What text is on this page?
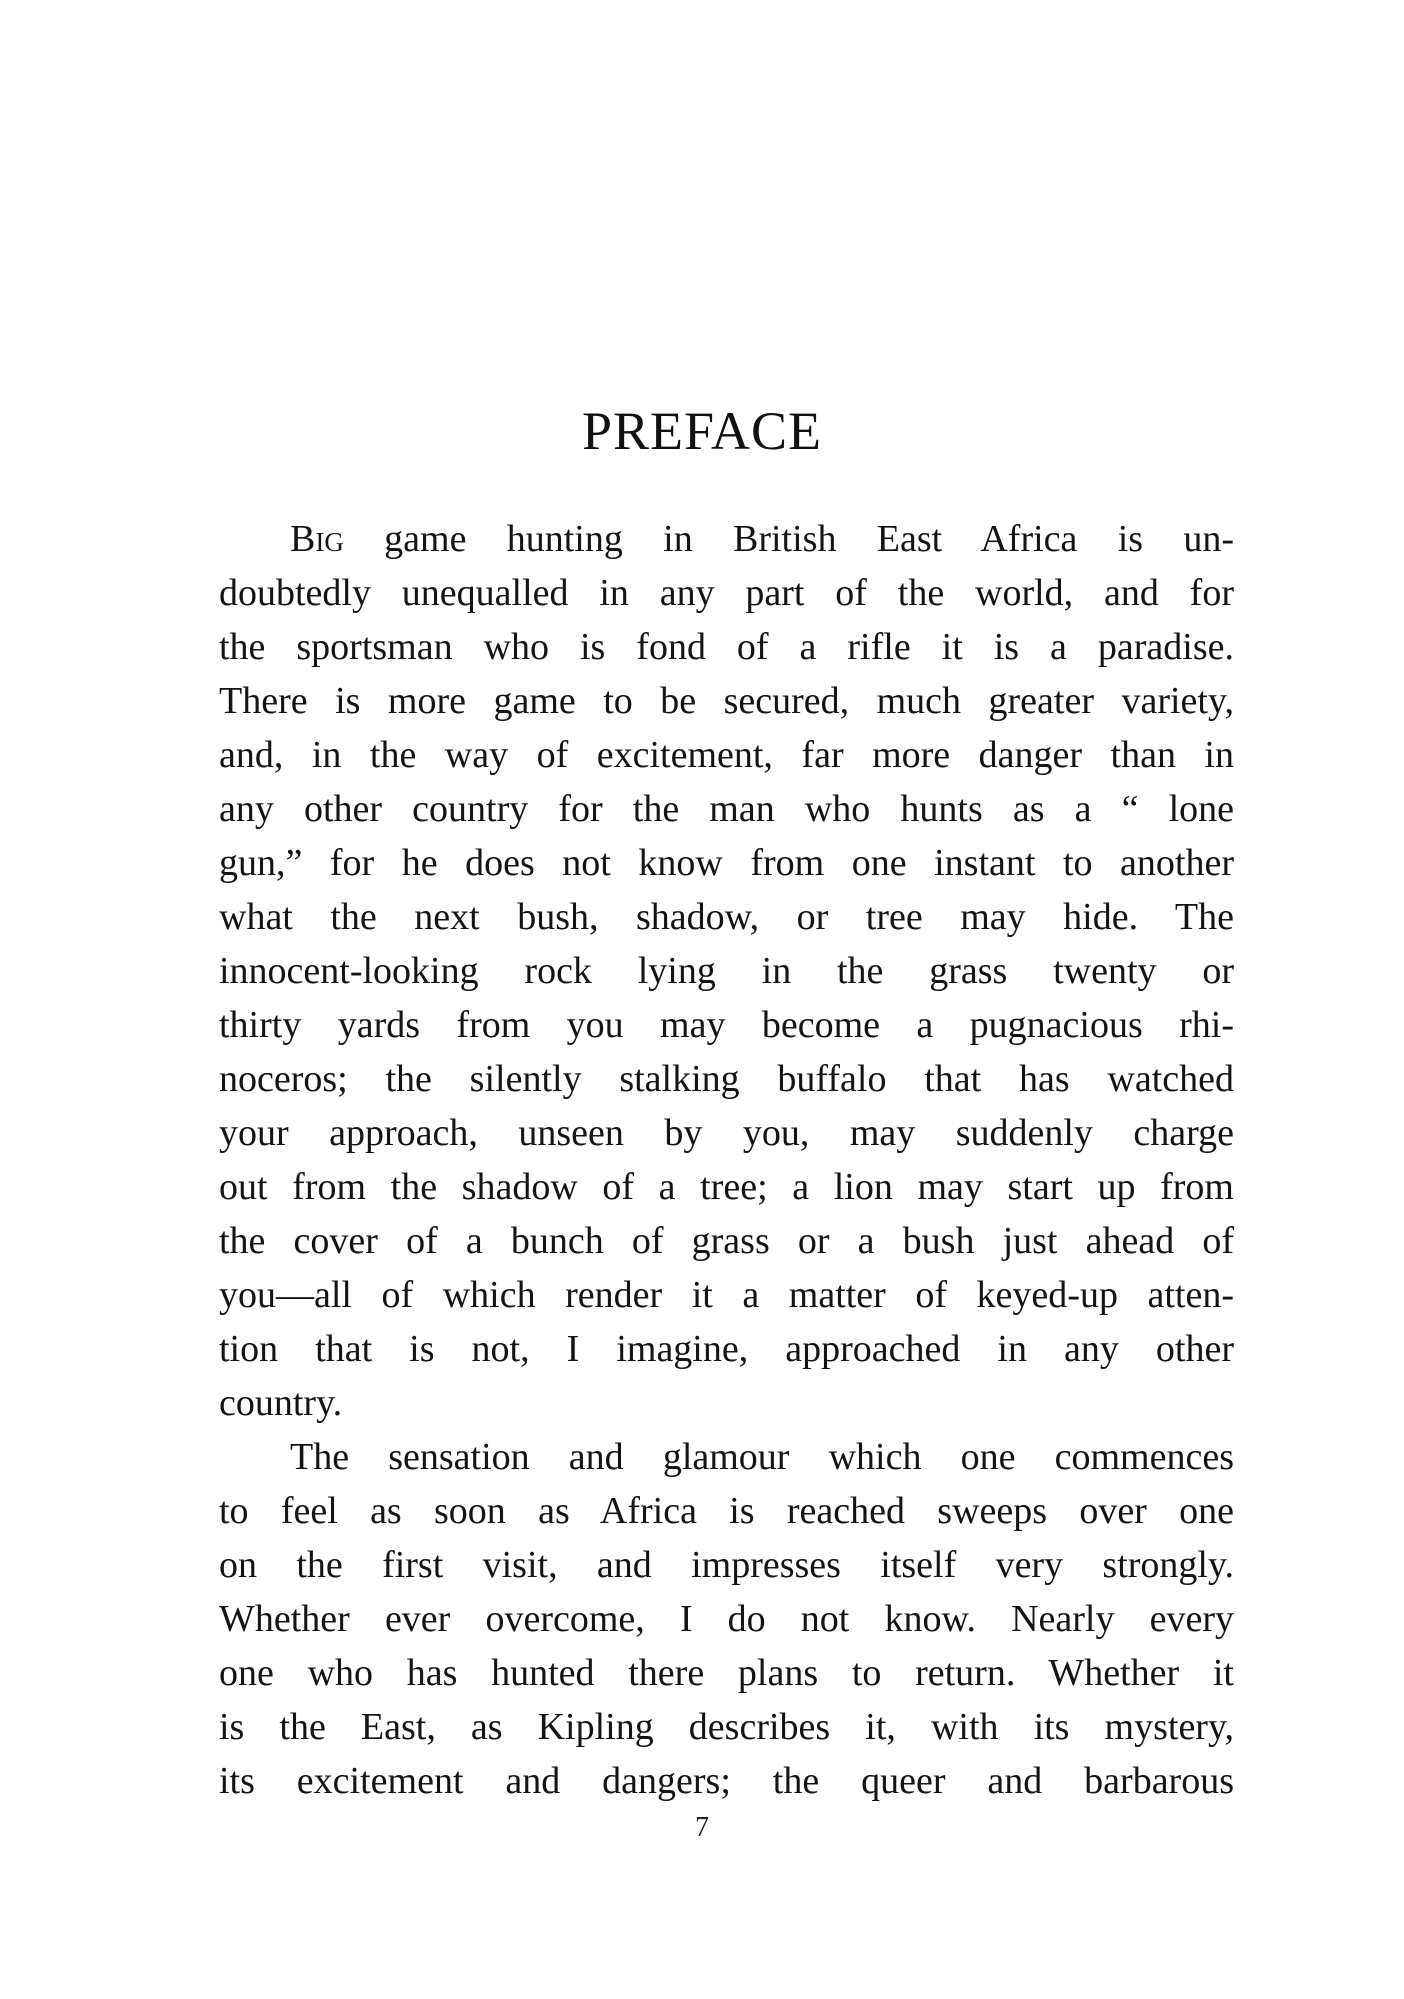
PREFACE
Big game hunting in British East Africa is un-
doubtedly unequalled in any part of the world, and for
the sportsman who is fond of a rifle it is a paradise.
There is more game to be secured, much greater variety,
and, in the way of excitement, far more danger than in
any other country for the man who hunts as a “ lone
gun,” for he does not know from one instant to another
what the next bush, shadow, or tree may hide. The
innocent-looking rock lying in the grass twenty or
thirty yards from you may become a pugnacious rhi-
noceros; the silently stalking buffalo that has watched
your approach, unseen by you, may suddenly charge
out from the shadow of a tree; a lion may start up from
the cover of a bunch of grass or a bush just ahead of
you—all of which render it a matter of keyed-up atten-
tion that is not, I imagine, approached in any other
country.
The sensation and glamour which one commences
to feel as soon as Africa is reached sweeps over one
on the first visit, and impresses itself very strongly.
Whether ever overcome, I do not know. Nearly every
one who has hunted there plans to return. Whether it
is the East, as Kipling describes it, with its mystery,
its excitement and dangers; the queer and barbarous
7
